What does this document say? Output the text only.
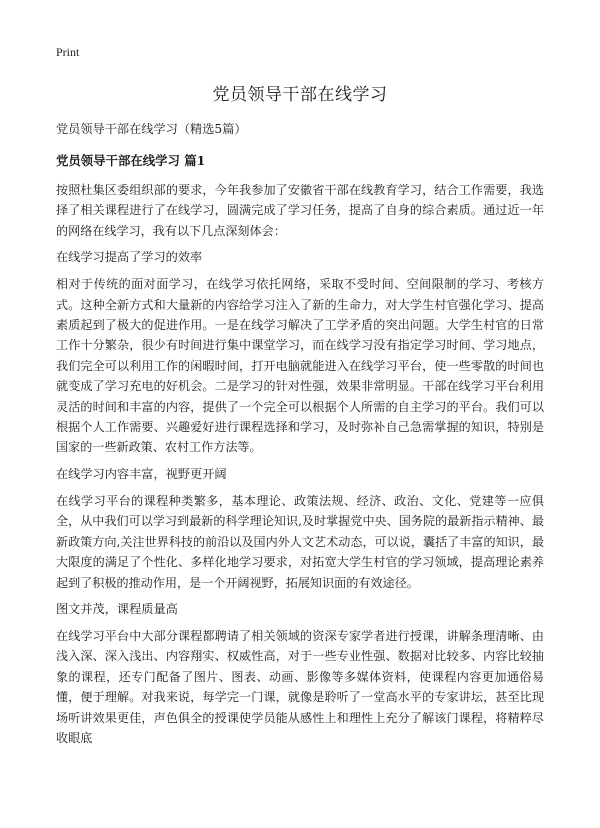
Print

党员领导干部在线学习

党员领导干部在线学习（精选5篇）

党员领导干部在线学习 篇1

按照杜集区委组织部的要求，今年我参加了安徽省干部在线教育学习，结合工作需要，我选择了相关课程进行了在线学习，圆满完成了学习任务，提高了自身的综合素质。通过近一年的网络在线学习，我有以下几点深刻体会：

在线学习提高了学习的效率

相对于传统的面对面学习，在线学习依托网络，采取不受时间、空间限制的学习、考核方式。这种全新方式和大量新的内容给学习注入了新的生命力，对大学生村官强化学习、提高素质起到了极大的促进作用。一是在线学习解决了工学矛盾的突出问题。大学生村官的日常工作十分繁杂，很少有时间进行集中课堂学习，而在线学习没有指定学习时间、学习地点，我们完全可以利用工作的闲暇时间，打开电脑就能进入在线学习平台，使一些零散的时间也就变成了学习充电的好机会。二是学习的针对性强，效果非常明显。干部在线学习平台利用灵活的时间和丰富的内容，提供了一个完全可以根据个人所需的自主学习的平台。我们可以根据个人工作需要、兴趣爱好进行课程选择和学习，及时弥补自己急需掌握的知识，特别是国家的一些新政策、农村工作方法等。

在线学习内容丰富，视野更开阔

在线学习平台的课程种类繁多，基本理论、政策法规、经济、政治、文化、党建等一应俱全，从中我们可以学习到最新的科学理论知识,及时掌握党中央、国务院的最新指示精神、最新政策方向,关注世界科技的前沿以及国内外人文艺术动态，可以说，囊括了丰富的知识，最大限度的满足了个性化、多样化地学习要求，对拓宽大学生村官的学习领域，提高理论素养起到了积极的推动作用，是一个开阔视野，拓展知识面的有效途径。

图文并茂，课程质量高

在线学习平台中大部分课程都聘请了相关领域的资深专家学者进行授课，讲解条理清晰、由浅入深、深入浅出、内容翔实、权威性高，对于一些专业性强、数据对比较多、内容比较抽象的课程，还专门配备了图片、图表、动画、影像等多媒体资料，使课程内容更加通俗易懂，便于理解。对我来说，每学完一门课，就像是聆听了一堂高水平的专家讲坛，甚至比现场听讲效果更佳，声色俱全的授课使学员能从感性上和理性上充分了解该门课程，将精粹尽收眼底
